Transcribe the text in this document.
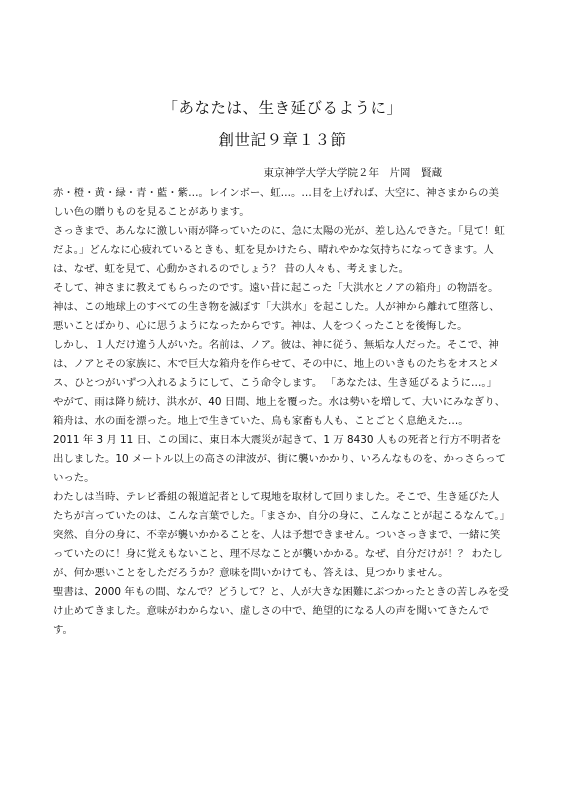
「あなたは、生き延びるように」
創世記９章１３節
東京神学大学大学院２年　片岡　賢蔵

赤・橙・黄・緑・青・藍・紫…。レインボー、虹…。…目を上げれば、大空に、神さまからの美しい色の贈りものを見ることがあります。

さっきまで、あんなに激しい雨が降っていたのに、急に太陽の光が、差し込んできた。「見て！虹だよ。」どんなに心疲れているときも、虹を見かけたら、晴れやかな気持ちになってきます。人は、なぜ、虹を見て、心動かされるのでしょう？ 昔の人々も、考えました。

そして、神さまに教えてもらったのです。遠い昔に起こった「大洪水とノアの箱舟」の物語を。

神は、この地球上のすべての生き物を滅ぼす「大洪水」を起こした。人が神から離れて堕落し、悪いことばかり、心に思うようになったからです。神は、人をつくったことを後悔した。

しかし、１人だけ違う人がいた。名前は、ノア。彼は、神に従う、無垢な人だった。そこで、神は、ノアとその家族に、木で巨大な箱舟を作らせて、その中に、地上のいきものたちをオスとメス、ひとつがいずつ入れるようにして、こう命令します。 「あなたは、生き延びるように…。」

やがて、雨は降り続け、洪水が、40 日間、地上を覆った。水は勢いを増して、大いにみなぎり、箱舟は、水の面を漂った。地上で生きていた、鳥も家畜も人も、ことごとく息絶えた…。

2011 年 3 月 11 日、この国に、東日本大震災が起きて、1 万 8430 人もの死者と行方不明者を出しました。10 メートル以上の高さの津波が、街に襲いかかり、いろんなものを、かっさらっていった。

わたしは当時、テレビ番組の報道記者として現地を取材して回りました。そこで、生き延びた人たちが言っていたのは、こんな言葉でした。「まさか、自分の身に、こんなことが起こるなんて。」

突然、自分の身に、不幸が襲いかかることを、人は予想できません。ついさっきまで、一緒に笑っていたのに！身に覚えもないこと、理不尽なことが襲いかかる。なぜ、自分だけが！？ わたしが、何か悪いことをしただろうか？意味を問いかけても、答えは、見つかりません。

聖書は、2000 年もの間、なんで？どうして？と、人が大きな困難にぶつかったときの苦しみを受け止めてきました。意味がわからない、虚しさの中で、絶望的になる人の声を聞いてきたんです。
